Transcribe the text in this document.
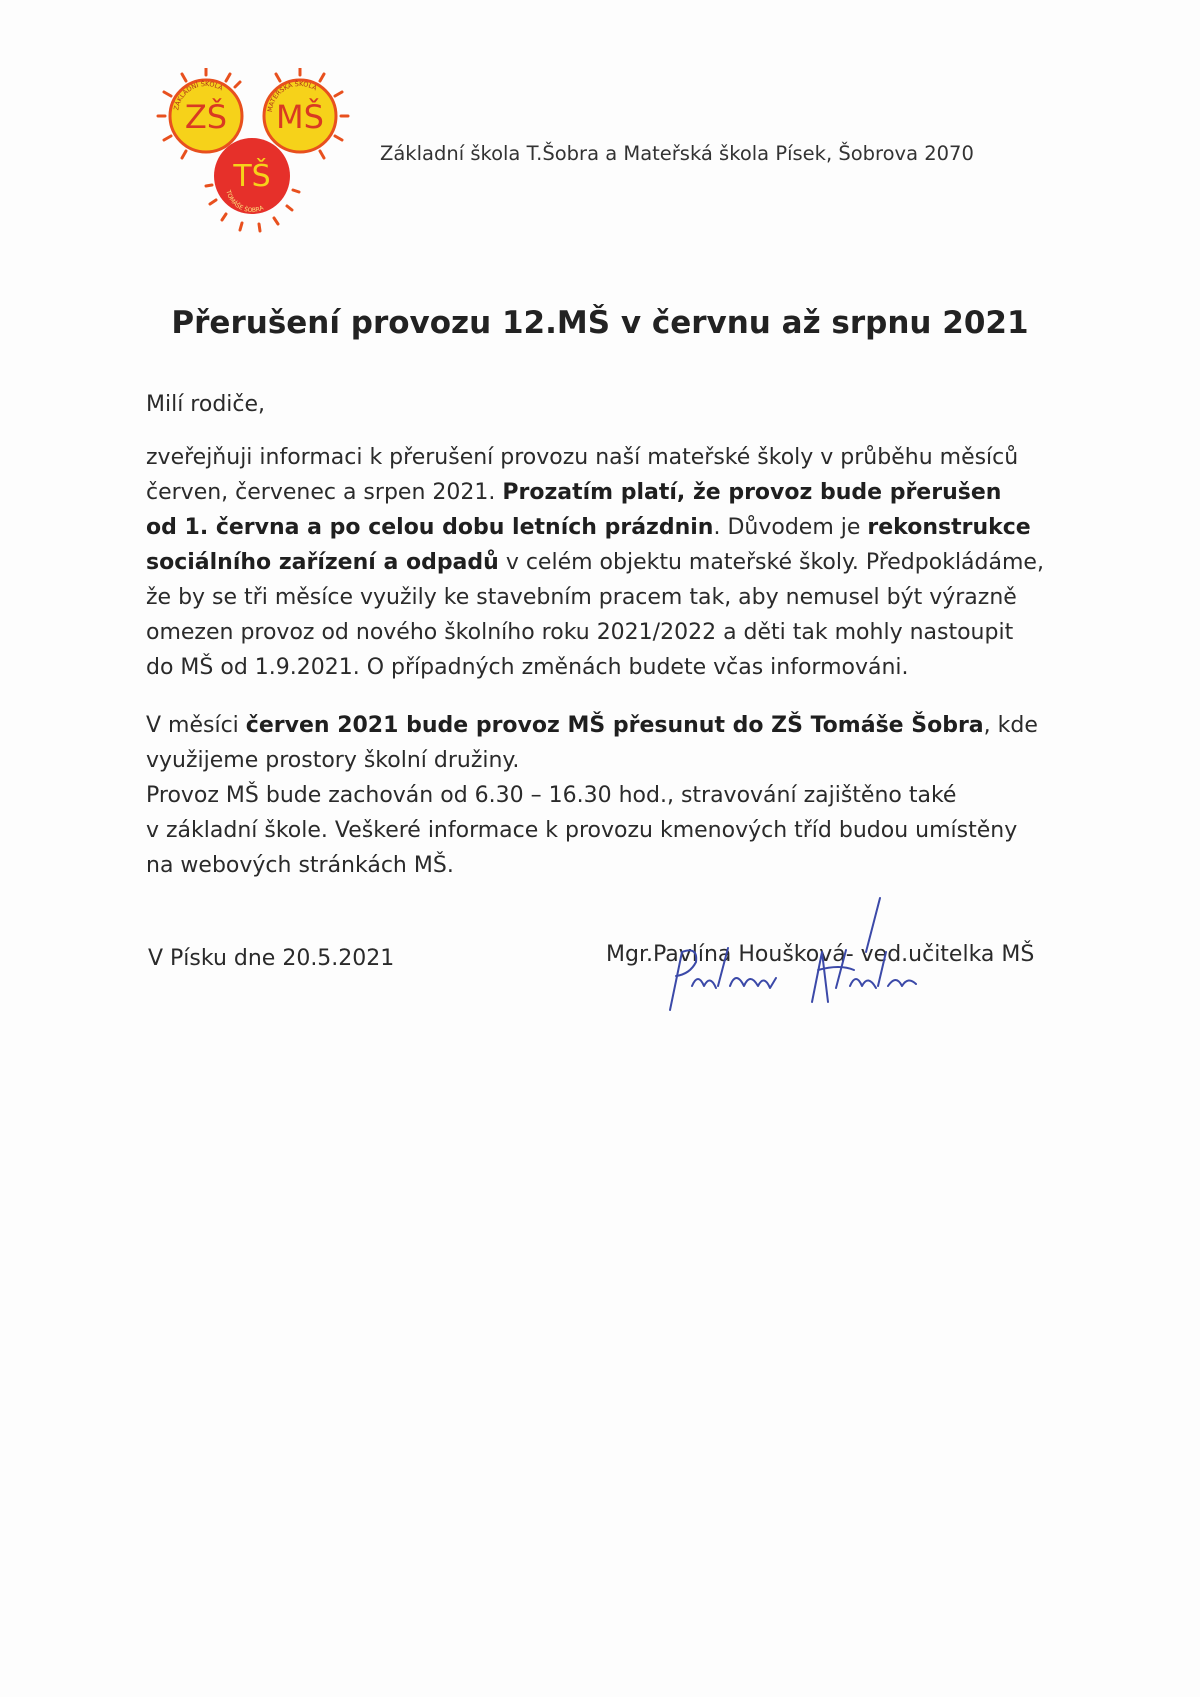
ZŠ MŠ
TŠ
ZÁKLADNÍ ŠKOLA
MATEŘSKÁ ŠKOLA
TOMÁŠE ŠOBRA
Základní škola T.Šobra a Mateřská škola Písek, Šobrova 2070
Přerušení provozu 12.MŠ v červnu až srpnu 2021
Milí rodiče,
zveřejňuji informaci k přerušení provozu naší mateřské školy v průběhu měsíců
červen, červenec a srpen 2021. Prozatím platí, že provoz bude přerušen
od 1. června a po celou dobu letních prázdnin. Důvodem je rekonstrukce
sociálního zařízení a odpadů v celém objektu mateřské školy. Předpokládáme,
že by se tři měsíce využily ke stavebním pracem tak, aby nemusel být výrazně
omezen provoz od nového školního roku 2021/2022 a děti tak mohly nastoupit
do MŠ od 1.9.2021. O případných změnách budete včas informováni.
V měsíci červen 2021 bude provoz MŠ přesunut do ZŠ Tomáše Šobra, kde
využijeme prostory školní družiny.
Provoz MŠ bude zachován od 6.30 – 16.30 hod., stravování zajištěno také
v základní škole. Veškeré informace k provozu kmenových tříd budou umístěny
na webových stránkách MŠ.
V Písku dne 20.5.2021	Mgr.Pavlína Houšková- ved.učitelka MŠ
